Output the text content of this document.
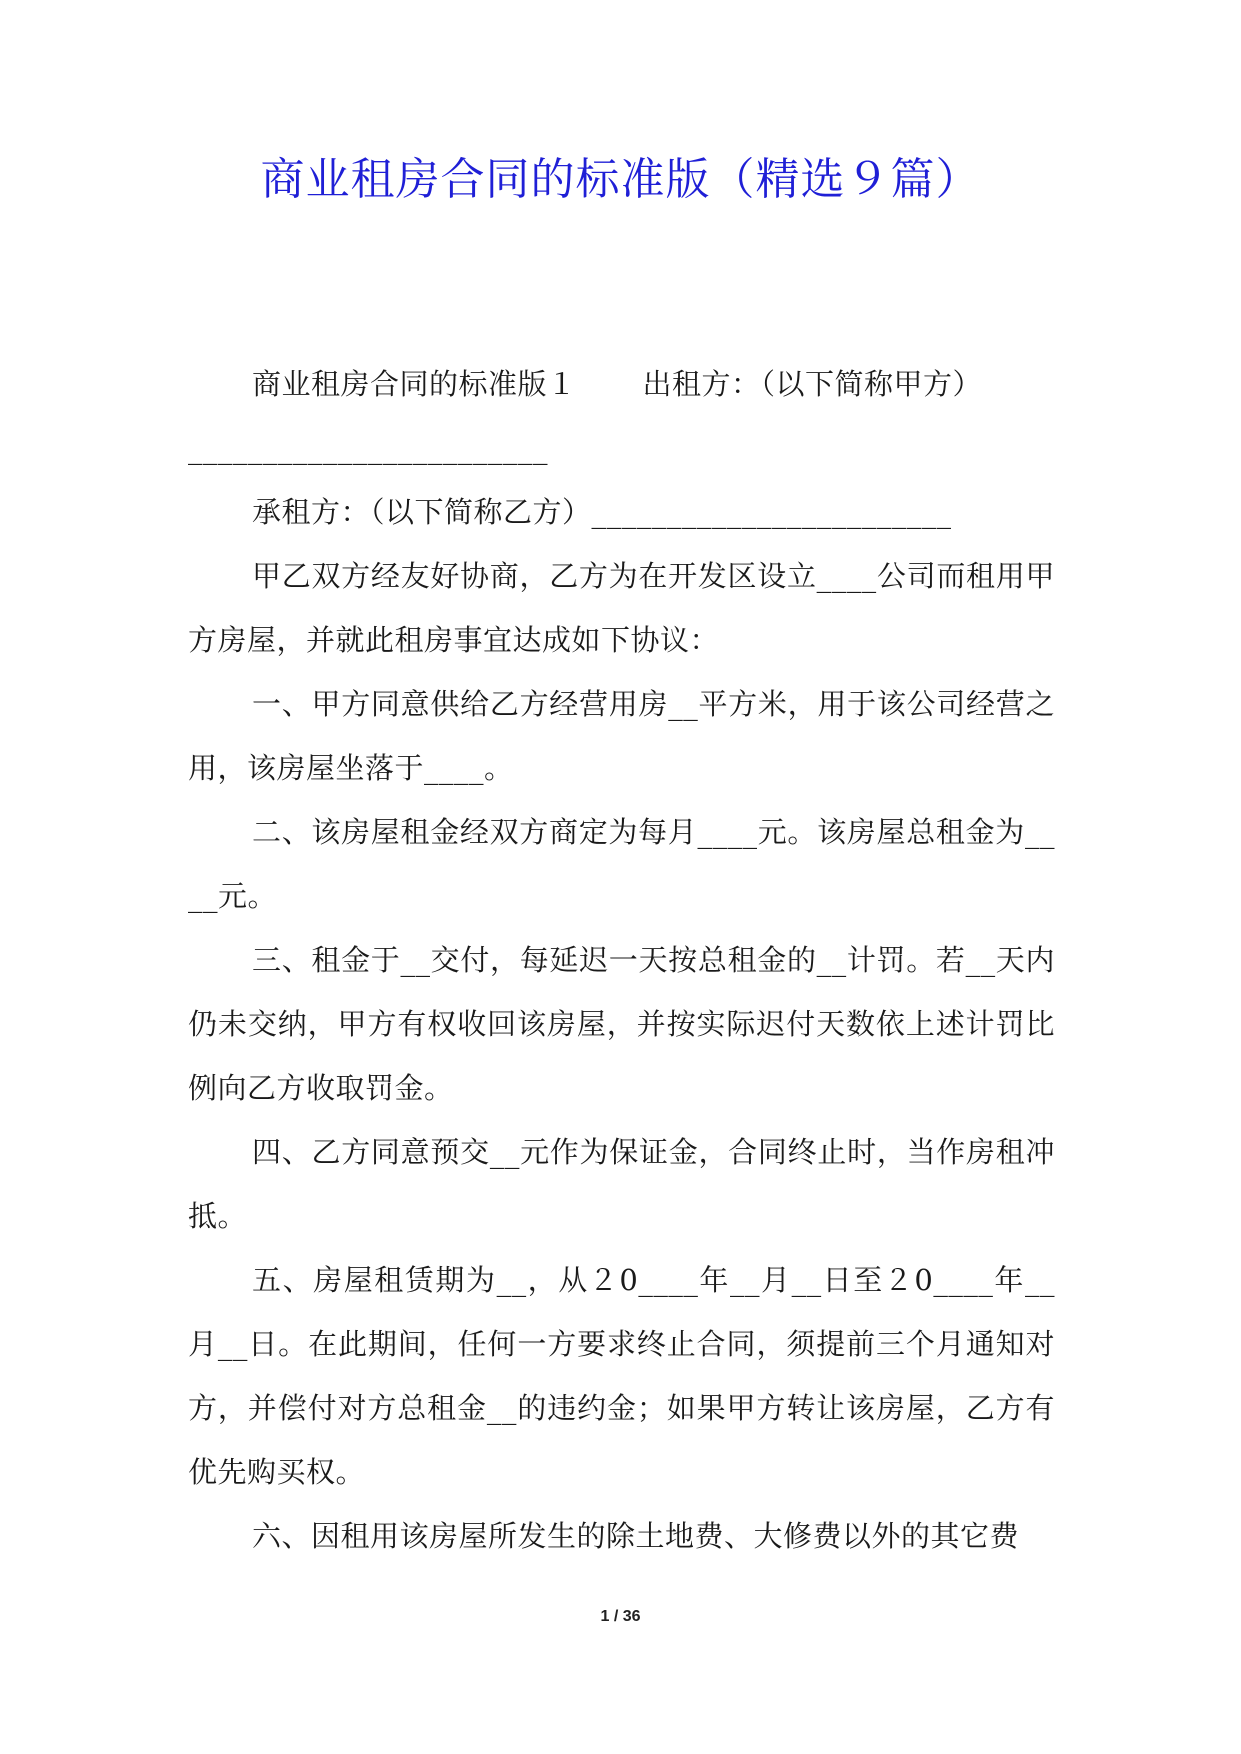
商业租房合同的标准版（精选９篇）

商业租房合同的标准版１ 出租方：（以下简称甲方）
________________________

承租方：（以下简称乙方）________________________

甲乙双方经友好协商，乙方为在开发区设立____公司而租用甲方房屋，并就此租房事宜达成如下协议：

一、甲方同意供给乙方经营用房__平方米，用于该公司经营之用，该房屋坐落于____。

二、该房屋租金经双方商定为每月____元。该房屋总租金为____元。

三、租金于__交付，每延迟一天按总租金的__计罚。若__天内仍未交纳，甲方有权收回该房屋，并按实际迟付天数依上述计罚比例向乙方收取罚金。

四、乙方同意预交__元作为保证金，合同终止时，当作房租冲抵。

五、房屋租赁期为__，从２0____年__月__日至２0____年__月__日。在此期间，任何一方要求终止合同，须提前三个月通知对方，并偿付对方总租金__的违约金；如果甲方转让该房屋，乙方有优先购买权。

六、因租用该房屋所发生的除土地费、大修费以外的其它费

1 / 36
